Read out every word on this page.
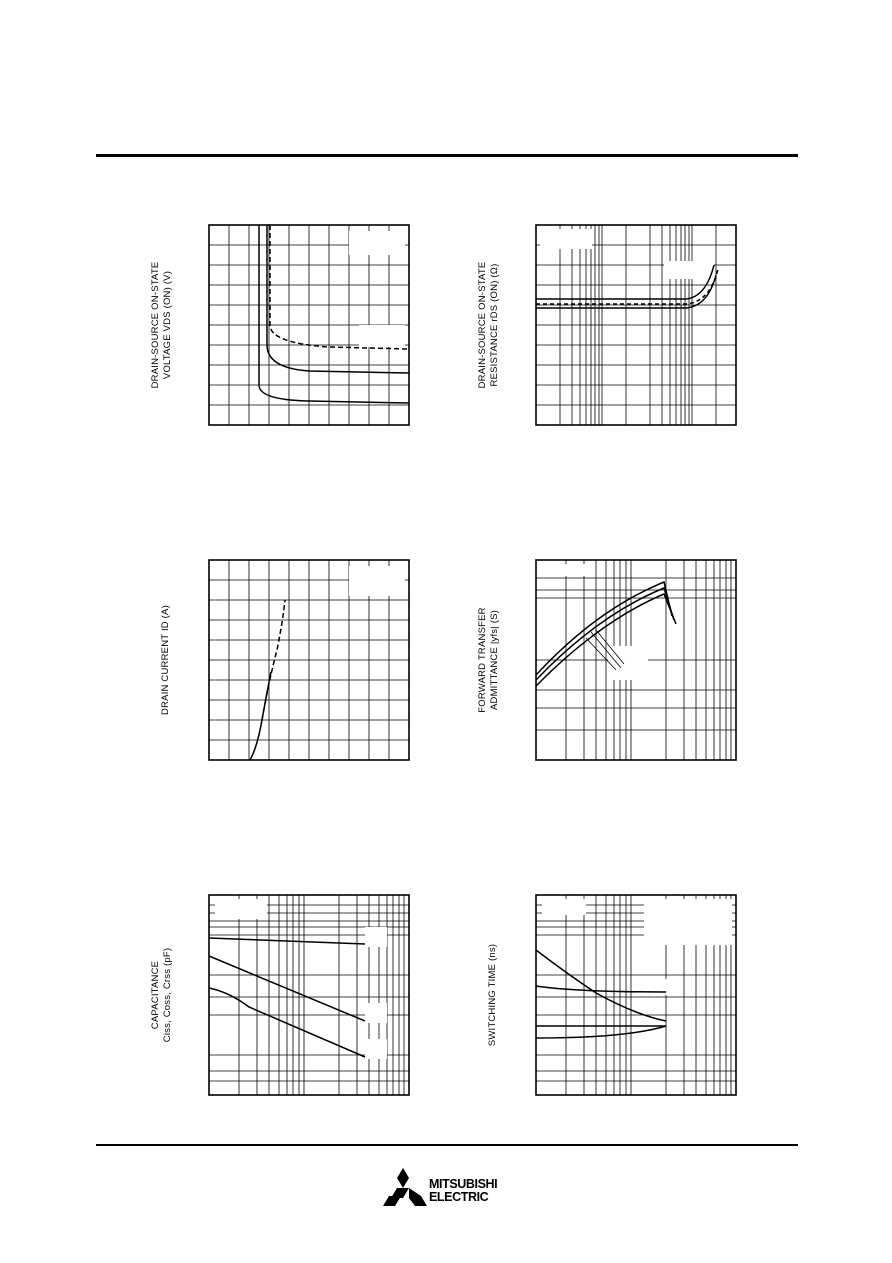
DRAIN-SOURCE ON-STATE VOLTAGE VDS (ON) (V)	DRAIN-SOURCE ON-STATE RESISTANCE rDS (ON) (Ω)
DRAIN CURRENT ID (A)	FORWARD TRANSFER ADMITTANCE |yfs| (S)
CAPACITANCE Ciss, Coss, Crss (pF)	SWITCHING TIME (ns)
MITSUBISHI
ELECTRIC
